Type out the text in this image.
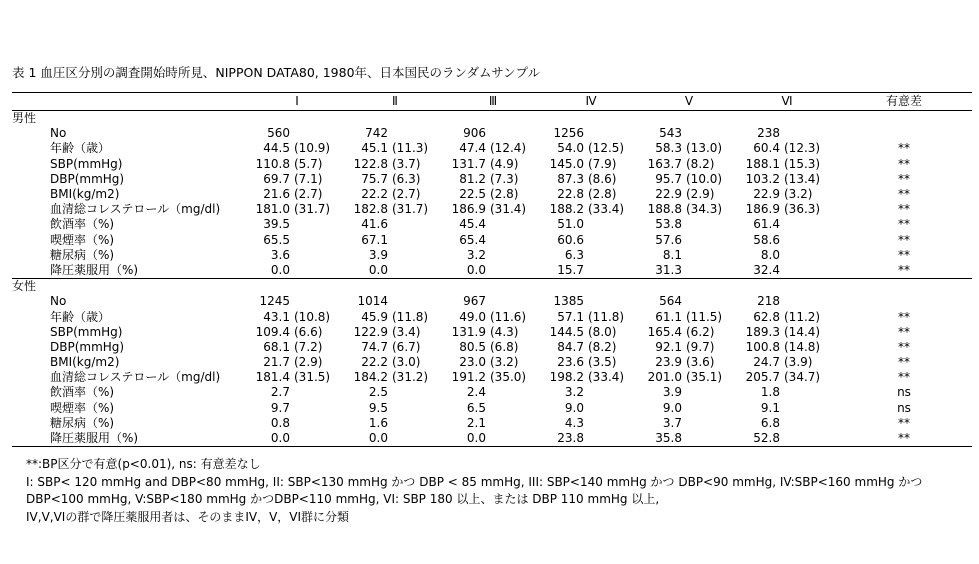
表 1 血圧区分別の調査開始時所見、NIPPON DATA80, 1980年、日本国民のランダムサンプル
	I	Ⅱ	Ⅲ	Ⅳ	Ⅴ	Ⅵ	有意差
男性							
No	560	742	906	1256	543	238	
年齢（歳）	44.5 (10.9)	45.1 (11.3)	47.4 (12.4)	54.0 (12.5)	58.3 (13.0)	60.4 (12.3)	**
SBP(mmHg)	110.8 (5.7)	122.8 (3.7)	131.7 (4.9)	145.0 (7.9)	163.7 (8.2)	188.1 (15.3)	**
DBP(mmHg)	69.7 (7.1)	75.7 (6.3)	81.2 (7.3)	87.3 (8.6)	95.7 (10.0)	103.2 (13.4)	**
BMI(kg/m2)	21.6 (2.7)	22.2 (2.7)	22.5 (2.8)	22.8 (2.8)	22.9 (2.9)	22.9 (3.2)	**
血清総コレステロール（mg/dl)	181.0 (31.7)	182.8 (31.7)	186.9 (31.4)	188.2 (33.4)	188.8 (34.3)	186.9 (36.3)	**
飲酒率（%)	39.5	41.6	45.4	51.0	53.8	61.4	**
喫煙率（%)	65.5	67.1	65.4	60.6	57.6	58.6	**
糖尿病（%)	3.6	3.9	3.2	6.3	8.1	8.0	**
降圧薬服用（%)	0.0	0.0	0.0	15.7	31.3	32.4	**
女性							
No	1245	1014	967	1385	564	218	
年齢（歳）	43.1 (10.8)	45.9 (11.8)	49.0 (11.6)	57.1 (11.8)	61.1 (11.5)	62.8 (11.2)	**
SBP(mmHg)	109.4 (6.6)	122.9 (3.4)	131.9 (4.3)	144.5 (8.0)	165.4 (6.2)	189.3 (14.4)	**
DBP(mmHg)	68.1 (7.2)	74.7 (6.7)	80.5 (6.8)	84.7 (8.2)	92.1 (9.7)	100.8 (14.8)	**
BMI(kg/m2)	21.7 (2.9)	22.2 (3.0)	23.0 (3.2)	23.6 (3.5)	23.9 (3.6)	24.7 (3.9)	**
血清総コレステロール（mg/dl)	181.4 (31.5)	184.2 (31.2)	191.2 (35.0)	198.2 (33.4)	201.0 (35.1)	205.7 (34.7)	**
飲酒率（%)	2.7	2.5	2.4	3.2	3.9	1.8	ns
喫煙率（%)	9.7	9.5	6.5	9.0	9.0	9.1	ns
糖尿病（%)	0.8	1.6	2.1	4.3	3.7	6.8	**
降圧薬服用（%)	0.0	0.0	0.0	23.8	35.8	52.8	**
**:BP区分で有意(p<0.01), ns: 有意差なし
I: SBP< 120 mmHg and DBP<80 mmHg, II: SBP<130 mmHg かつ DBP < 85 mmHg, III: SBP<140 mmHg かつ DBP<90 mmHg, IV:SBP<160 mmHg かつ
DBP<100 mmHg, V:SBP<180 mmHg かつDBP<110 mmHg, VI: SBP 180 以上、または DBP 110 mmHg 以上,
IV,V,VIの群で降圧薬服用者は、そのままIV，V，VI群に分類
